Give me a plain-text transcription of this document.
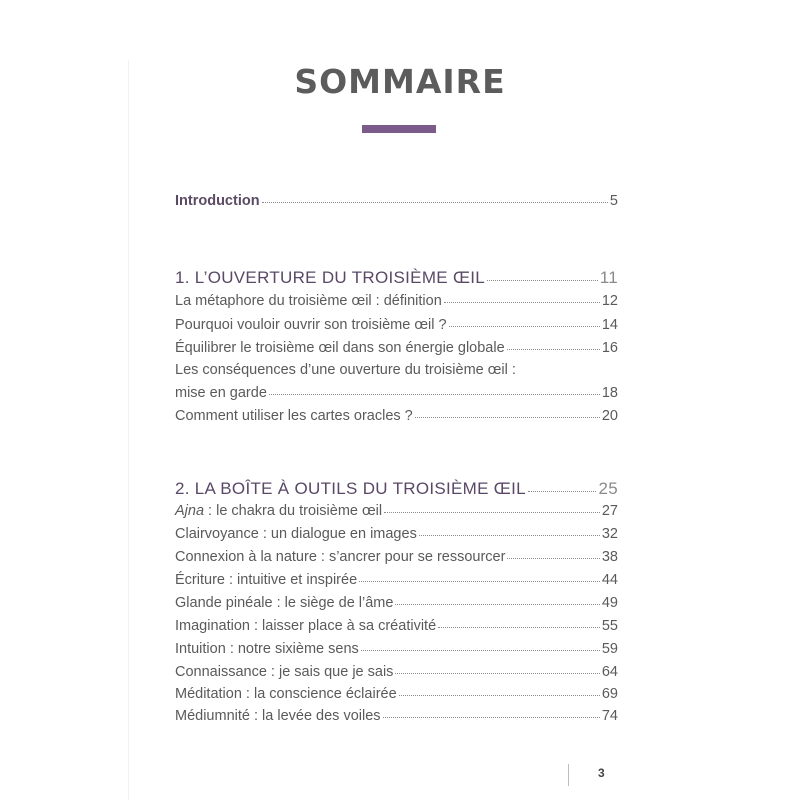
SOMMAIRE
Introduction	5
1. L’OUVERTURE DU TROISIÈME ŒIL	11
La métaphore du troisième œil : définition	12
Pourquoi vouloir ouvrir son troisième œil ?	14
Équilibrer le troisième œil dans son énergie globale	16
Les conséquences d’une ouverture du troisième œil :
mise en garde	18
Comment utiliser les cartes oracles ?	20
2. LA BOÎTE À OUTILS DU TROISIÈME ŒIL	25
Ajna : le chakra du troisième œil	27
Clairvoyance : un dialogue en images	32
Connexion à la nature : s’ancrer pour se ressourcer	38
Écriture : intuitive et inspirée	44
Glande pinéale : le siège de l’âme	49
Imagination : laisser place à sa créativité	55
Intuition : notre sixième sens	59
Connaissance : je sais que je sais	64
Méditation : la conscience éclairée	69
Médiumnité : la levée des voiles	74
3
